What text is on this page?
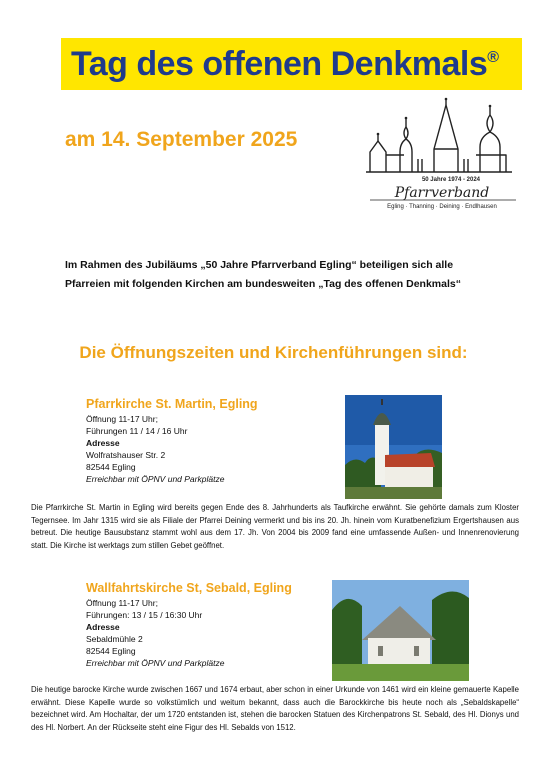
Tag des offenen Denkmals®
am 14. September 2025
50 Jahre 1974 - 2024
Pfarrverband
Egling · Thanning · Deining · Endlhausen

Im Rahmen des Jubiläums „50 Jahre Pfarrverband Egling“ beteiligen sich alle

Pfarreien mit folgenden Kirchen am bundesweiten „Tag des offenen Denkmals“

Die Öffnungszeiten und Kirchenführungen sind:
Pfarrkirche St. Martin, Egling
Öffnung 11-17 Uhr;
Führungen 11 / 14 / 16 Uhr
Adresse
Wolfratshauser Str. 2
82544 Egling
Erreichbar mit ÖPNV und Parkplätze

Die Pfarrkirche St. Martin in Egling wird bereits gegen Ende des 8. Jahrhunderts als Taufkirche erwähnt. Sie gehörte damals zum Kloster Tegernsee. Im Jahr 1315 wird sie als Filiale der Pfarrei Deining vermerkt und bis ins 20. Jh. hinein vom Kuratbenefizium Ergertshausen aus betreut. Die heutige Bausubstanz stammt wohl aus dem 17. Jh. Von 2004 bis 2009 fand eine umfassende Außen- und Innenrenovierung statt. Die Kirche ist werktags zum stillen Gebet geöffnet.

Wallfahrtskirche St, Sebald, Egling
Öffnung 11-17 Uhr;
Führungen: 13 / 15 / 16:30 Uhr
Adresse
Sebaldmühle 2
82544 Egling
Erreichbar mit ÖPNV und Parkplätze

Die heutige barocke Kirche wurde zwischen 1667 und 1674 erbaut, aber schon in einer Urkunde von 1461 wird ein kleine gemauerte Kapelle erwähnt. Diese Kapelle wurde so volkstümlich und weitum bekannt, dass auch die Barockkirche bis heute noch als „Sebaldskapelle“ bezeichnet wird. Am Hochaltar, der um 1720 entstanden ist, stehen die barocken Statuen des Kirchenpatrons St. Sebald, des Hl. Dionys und des Hl. Norbert. An der Rückseite steht eine Figur des Hl. Sebalds von 1512.
